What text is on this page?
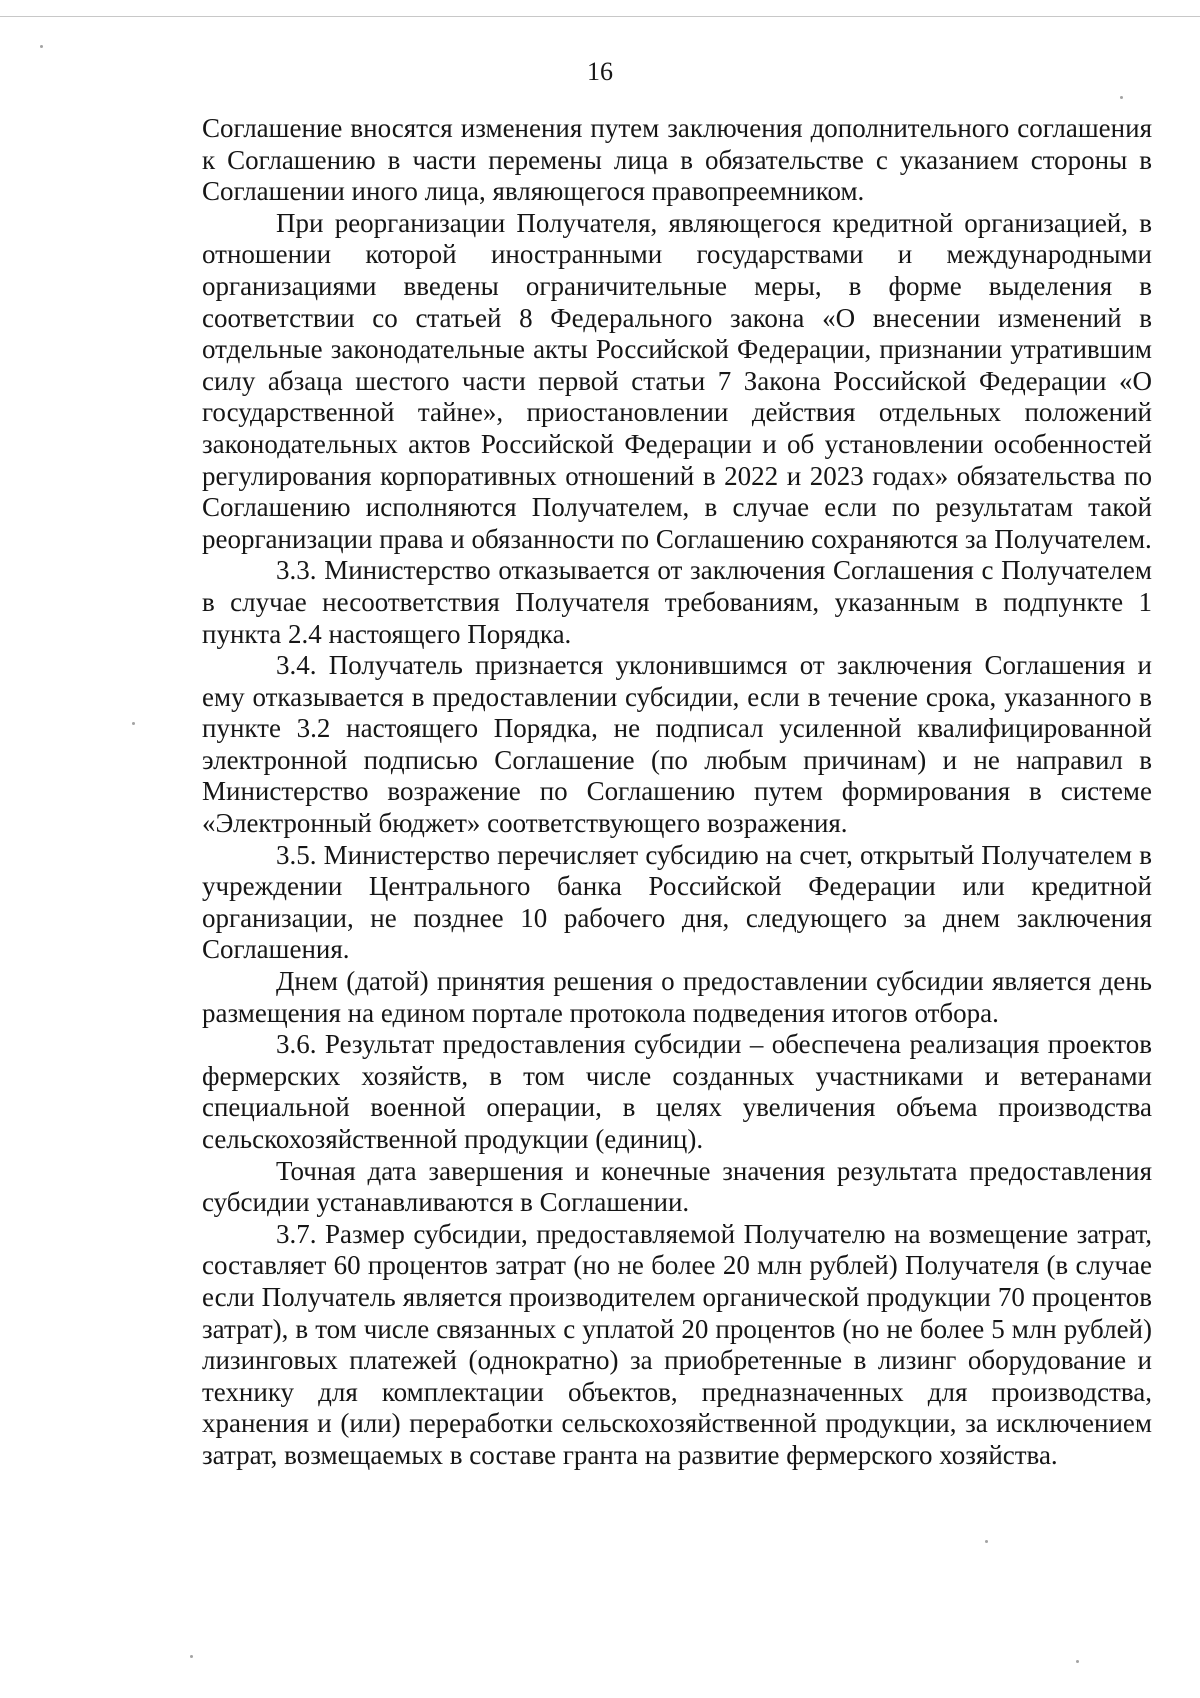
16

Соглашение вносятся изменения путем заключения дополнительного соглашения к Соглашению в части перемены лица в обязательстве с указанием стороны в Соглашении иного лица, являющегося правопреемником.

При реорганизации Получателя, являющегося кредитной организацией, в отношении которой иностранными государствами и международными организациями введены ограничительные меры, в форме выделения в соответствии со статьей 8 Федерального закона «О внесении изменений в отдельные законодательные акты Российской Федерации, признании утратившим силу абзаца шестого части первой статьи 7 Закона Российской Федерации «О государственной тайне», приостановлении действия отдельных положений законодательных актов Российской Федерации и об установлении особенностей регулирования корпоративных отношений в 2022 и 2023 годах» обязательства по Соглашению исполняются Получателем, в случае если по результатам такой реорганизации права и обязанности по Соглашению сохраняются за Получателем.

3.3. Министерство отказывается от заключения Соглашения с Получателем в случае несоответствия Получателя требованиям, указанным в подпункте 1 пункта 2.4 настоящего Порядка.

3.4. Получатель признается уклонившимся от заключения Соглашения и ему отказывается в предоставлении субсидии, если в течение срока, указанного в пункте 3.2 настоящего Порядка, не подписал усиленной квалифицированной электронной подписью Соглашение (по любым причинам) и не направил в Министерство возражение по Соглашению путем формирования в системе «Электронный бюджет» соответствующего возражения.

3.5. Министерство перечисляет субсидию на счет, открытый Получателем в учреждении Центрального банка Российской Федерации или кредитной организации, не позднее 10 рабочего дня, следующего за днем заключения Соглашения.

Днем (датой) принятия решения о предоставлении субсидии является день размещения на едином портале протокола подведения итогов отбора.

3.6. Результат предоставления субсидии – обеспечена реализация проектов фермерских хозяйств, в том числе созданных участниками и ветеранами специальной военной операции, в целях увеличения объема производства сельскохозяйственной продукции (единиц).

Точная дата завершения и конечные значения результата предоставления субсидии устанавливаются в Соглашении.

3.7. Размер субсидии, предоставляемой Получателю на возмещение затрат, составляет 60 процентов затрат (но не более 20 млн рублей) Получателя (в случае если Получатель является производителем органической продукции 70 процентов затрат), в том числе связанных с уплатой 20 процентов (но не более 5 млн рублей) лизинговых платежей (однократно) за приобретенные в лизинг оборудование и технику для комплектации объектов, предназначенных для производства, хранения и (или) переработки сельскохозяйственной продукции, за исключением затрат, возмещаемых в составе гранта на развитие фермерского хозяйства.
